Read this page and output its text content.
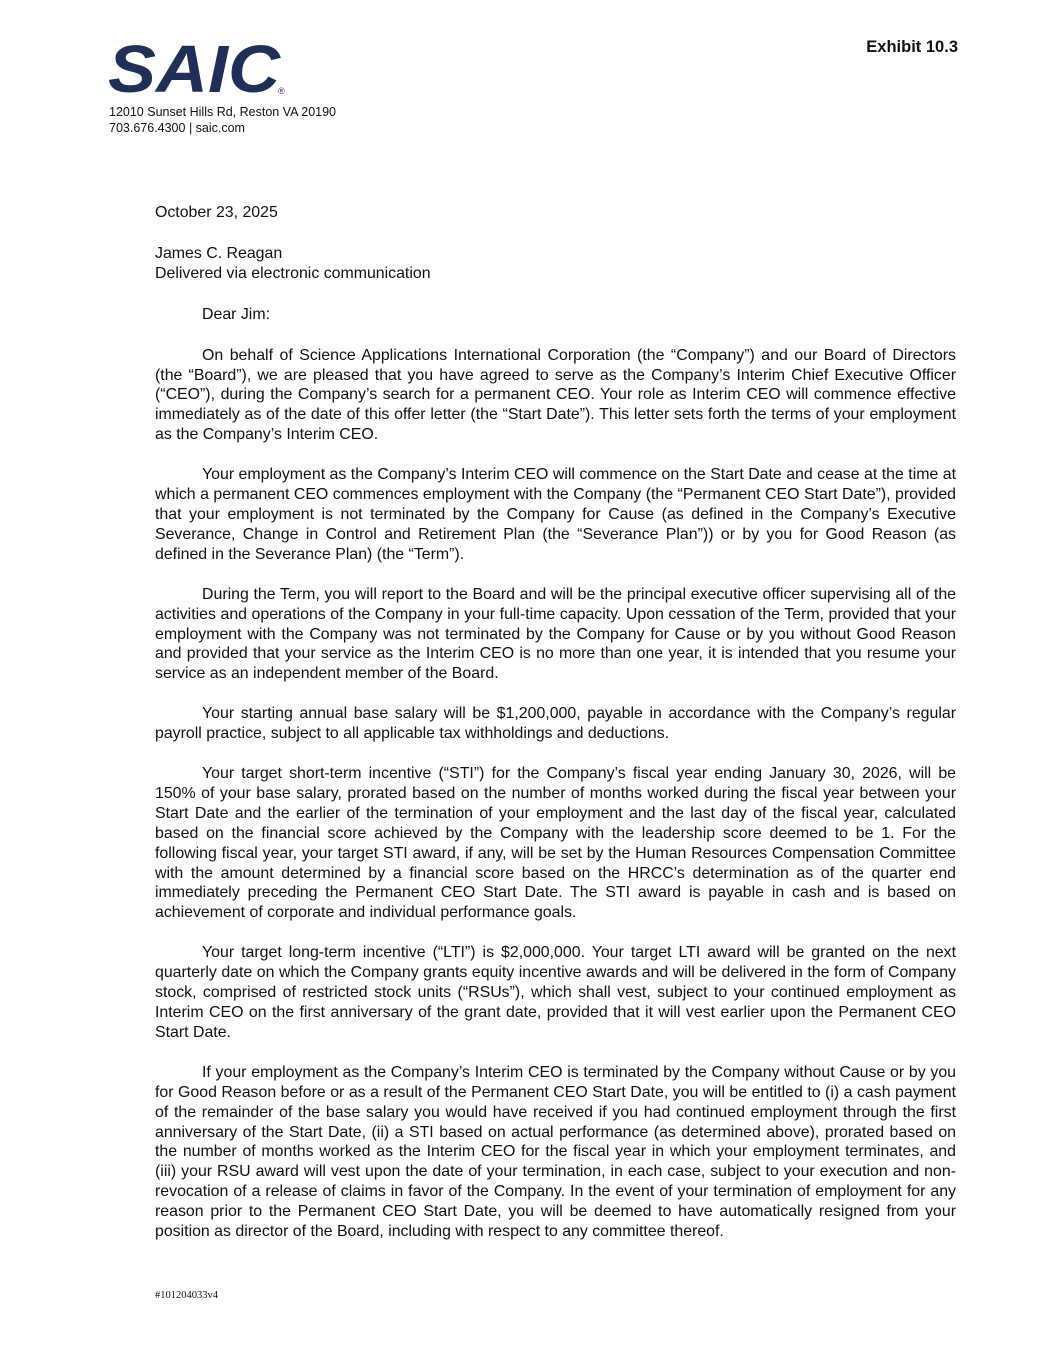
SAIC
®
12010 Sunset Hills Rd, Reston VA 20190
703.676.4300 | saic.com
Exhibit 10.3
October 23, 2025
James C. Reagan
Delivered via electronic communication
Dear Jim:

On behalf of Science Applications International Corporation (the “Company”) and our Board of Directors (the “Board”), we are pleased that you have agreed to serve as the Company’s Interim Chief Executive Officer (“CEO”), during the Company’s search for a permanent CEO. Your role as Interim CEO will commence effective immediately as of the date of this offer letter (the “Start Date”). This letter sets forth the terms of your employment as the Company’s Interim CEO.

Your employment as the Company’s Interim CEO will commence on the Start Date and cease at the time at which a permanent CEO commences employment with the Company (the “Permanent CEO Start Date”), provided that your employment is not terminated by the Company for Cause (as defined in the Company’s Executive Severance, Change in Control and Retirement Plan (the “Severance Plan”)) or by you for Good Reason (as defined in the Severance Plan) (the “Term”).

During the Term, you will report to the Board and will be the principal executive officer supervising all of the activities and operations of the Company in your full-time capacity. Upon cessation of the Term, provided that your employment with the Company was not terminated by the Company for Cause or by you without Good Reason and provided that your service as the Interim CEO is no more than one year, it is intended that you resume your service as an independent member of the Board.

Your starting annual base salary will be $1,200,000, payable in accordance with the Company’s regular payroll practice, subject to all applicable tax withholdings and deductions.

Your target short-term incentive (“STI”) for the Company’s fiscal year ending January 30, 2026, will be 150% of your base salary, prorated based on the number of months worked during the fiscal year between your Start Date and the earlier of the termination of your employment and the last day of the fiscal year, calculated based on the financial score achieved by the Company with the leadership score deemed to be 1. For the following fiscal year, your target STI award, if any, will be set by the Human Resources Compensation Committee with the amount determined by a financial score based on the HRCC’s determination as of the quarter end immediately preceding the Permanent CEO Start Date. The STI award is payable in cash and is based on achievement of corporate and individual performance goals.

Your target long-term incentive (“LTI”) is $2,000,000. Your target LTI award will be granted on the next quarterly date on which the Company grants equity incentive awards and will be delivered in the form of Company stock, comprised of restricted stock units (“RSUs”), which shall vest, subject to your continued employment as Interim CEO on the first anniversary of the grant date, provided that it will vest earlier upon the Permanent CEO Start Date.

If your employment as the Company’s Interim CEO is terminated by the Company without Cause or by you for Good Reason before or as a result of the Permanent CEO Start Date, you will be entitled to (i) a cash payment of the remainder of the base salary you would have received if you had continued employment through the first anniversary of the Start Date, (ii) a STI based on actual performance (as determined above), prorated based on the number of months worked as the Interim CEO for the fiscal year in which your employment terminates, and (iii) your RSU award will vest upon the date of your termination, in each case, subject to your execution and non-revocation of a release of claims in favor of the Company. In the event of your termination of employment for any reason prior to the Permanent CEO Start Date, you will be deemed to have automatically resigned from your position as director of the Board, including with respect to any committee thereof.

#101204033v4
